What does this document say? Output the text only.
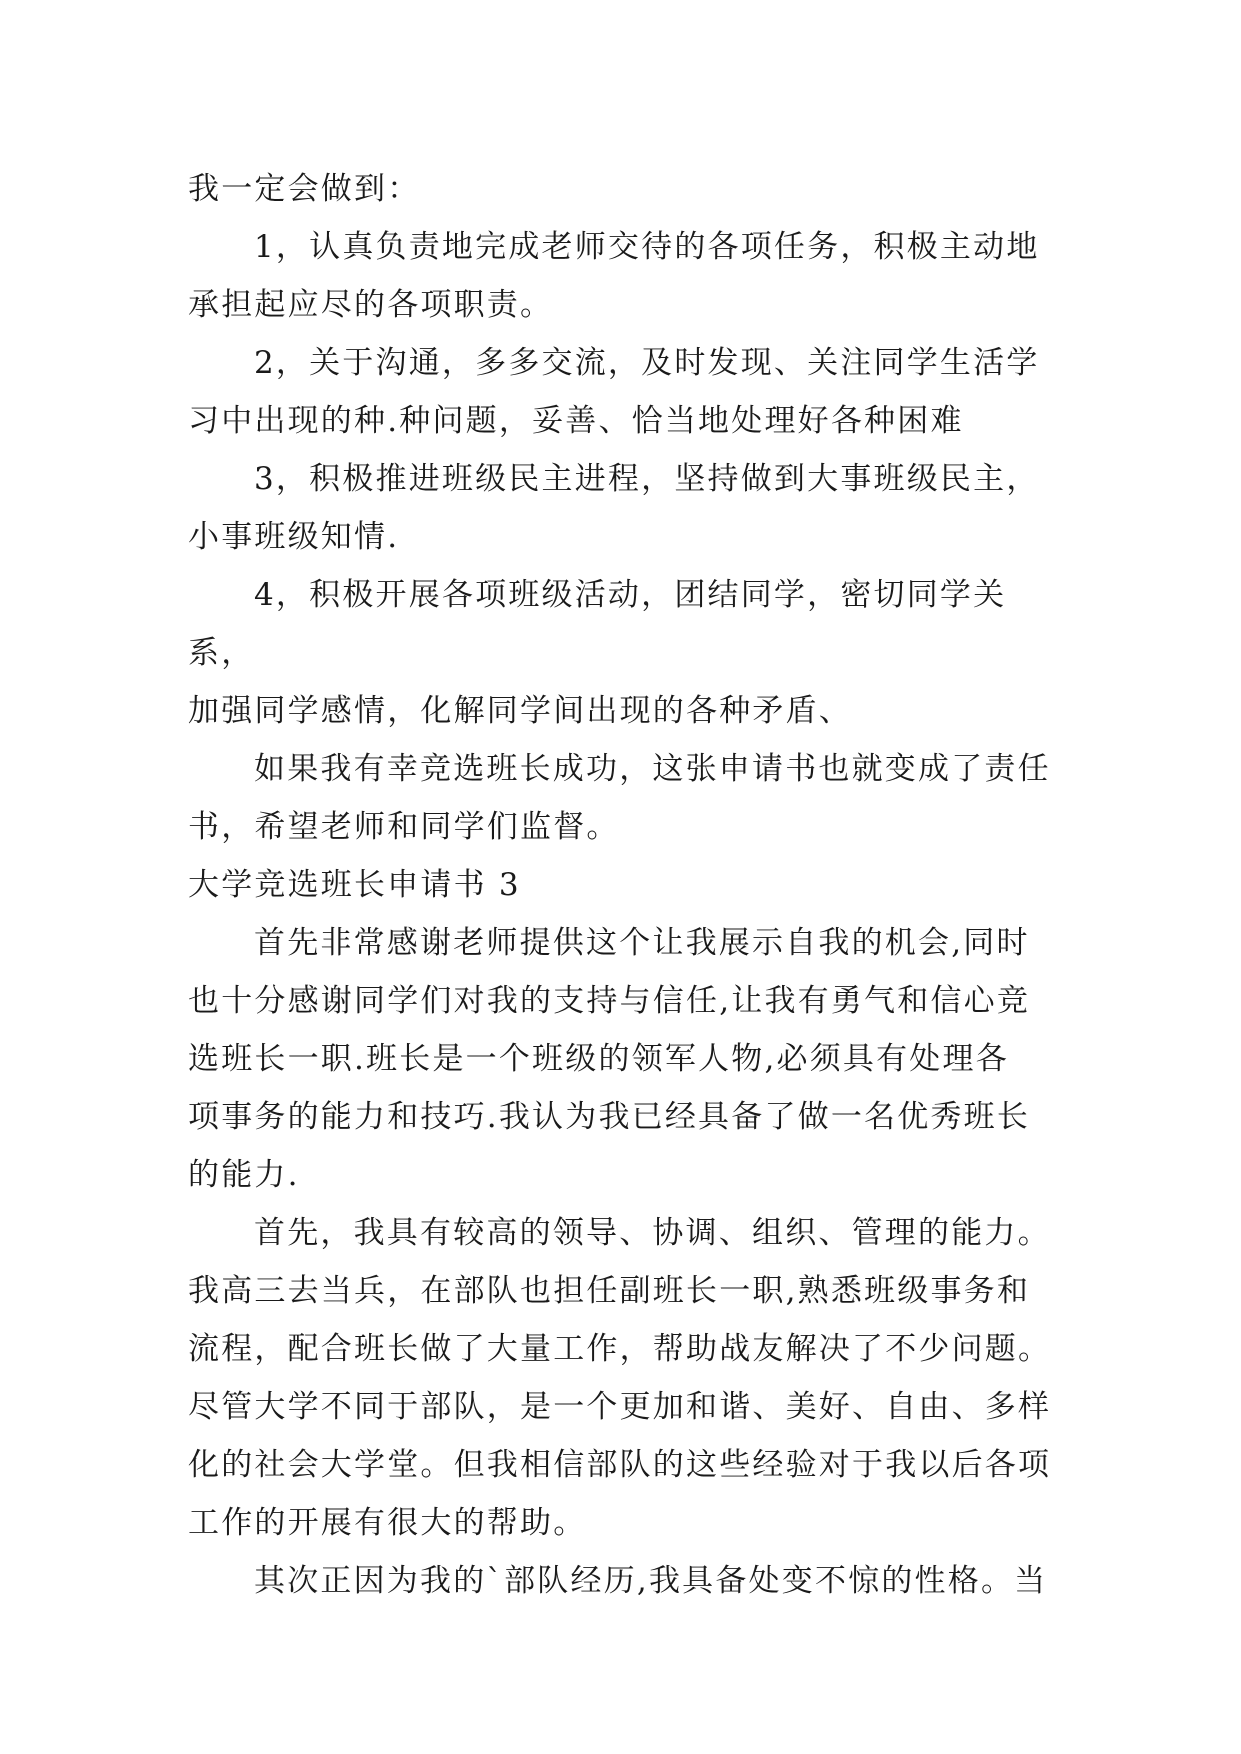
我一定会做到：

1，认真负责地完成老师交待的各项任务，积极主动地

承担起应尽的各项职责。

2，关于沟通，多多交流，及时发现、关注同学生活学

习中出现的种.种问题，妥善、恰当地处理好各种困难

3，积极推进班级民主进程，坚持做到大事班级民主，

小事班级知情.

4，积极开展各项班级活动，团结同学，密切同学关系，

加强同学感情，化解同学间出现的各种矛盾、

如果我有幸竞选班长成功，这张申请书也就变成了责任

书，希望老师和同学们监督。

大学竞选班长申请书 3

首先非常感谢老师提供这个让我展示自我的机会,同时

也十分感谢同学们对我的支持与信任,让我有勇气和信心竞

选班长一职.班长是一个班级的领军人物,必须具有处理各

项事务的能力和技巧.我认为我已经具备了做一名优秀班长

的能力.

首先，我具有较高的领导、协调、组织、管理的能力。

我高三去当兵，在部队也担任副班长一职,熟悉班级事务和

流程，配合班长做了大量工作，帮助战友解决了不少问题。

尽管大学不同于部队，是一个更加和谐、美好、自由、多样

化的社会大学堂。但我相信部队的这些经验对于我以后各项

工作的开展有很大的帮助。

其次正因为我的`部队经历,我具备处变不惊的性格。当
